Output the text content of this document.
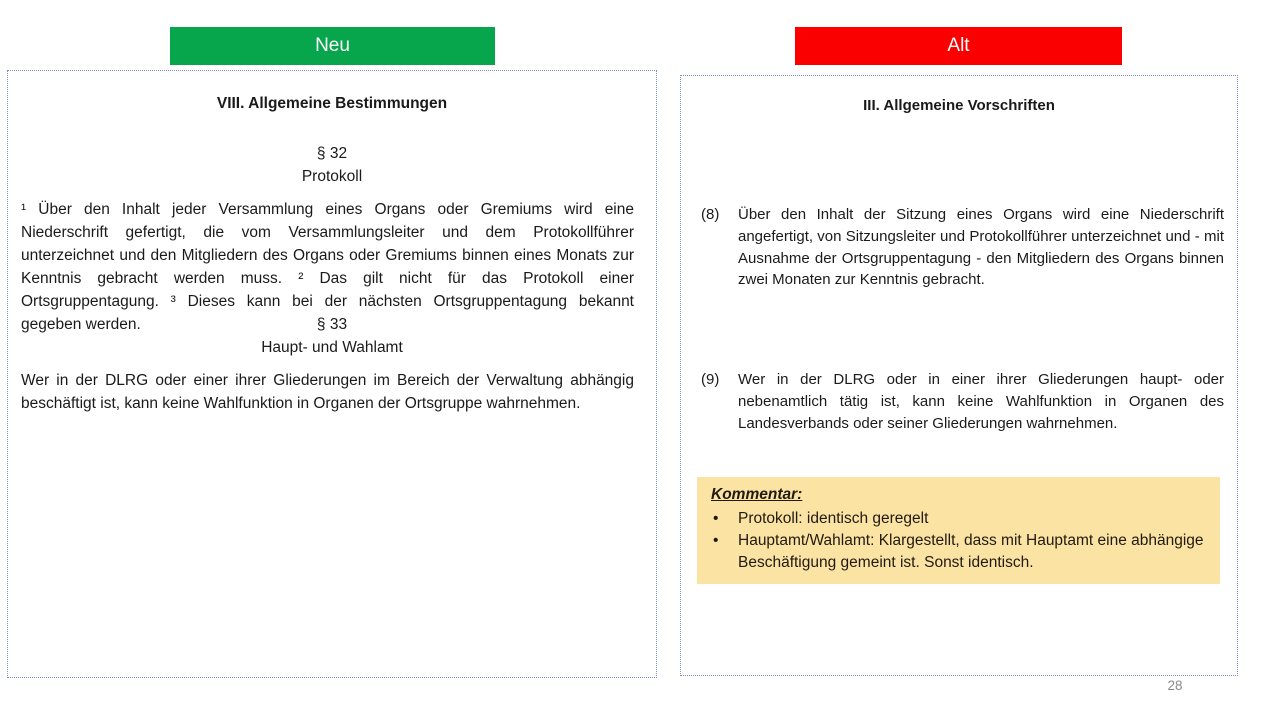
Neu	Alt
VIII. Allgemeine Bestimmungen
§ 32
Protokoll
¹ Über den Inhalt jeder Versammlung eines Organs oder Gremiums wird eine Niederschrift gefertigt, die vom Versammlungsleiter und dem Protokollführer unterzeichnet und den Mitgliedern des Organs oder Gremiums binnen eines Monats zur Kenntnis gebracht werden muss. ² Das gilt nicht für das Protokoll einer Ortsgruppentagung. ³ Dieses kann bei der nächsten Ortsgruppentagung bekannt gegeben werden.	§ 33
Haupt- und Wahlamt
Wer in der DLRG oder einer ihrer Gliederungen im Bereich der Verwaltung abhängig beschäftigt ist, kann keine Wahlfunktion in Organen der Ortsgruppe wahrnehmen.
III. Allgemeine Vorschriften
(8)	Über den Inhalt der Sitzung eines Organs wird eine Niederschrift angefertigt, von Sitzungsleiter und Protokollführer unterzeichnet und - mit Ausnahme der Ortsgruppentagung - den Mitgliedern des Organs binnen zwei Monaten zur Kenntnis gebracht.
(9)	Wer in der DLRG oder in einer ihrer Gliederungen haupt- oder nebenamtlich tätig ist, kann keine Wahlfunktion in Organen des Landesverbands oder seiner Gliederungen wahrnehmen.
Kommentar:
• Protokoll: identisch geregelt
• Hauptamt/Wahlamt: Klargestellt, dass mit Hauptamt eine abhängige Beschäftigung gemeint ist. Sonst identisch.
28
